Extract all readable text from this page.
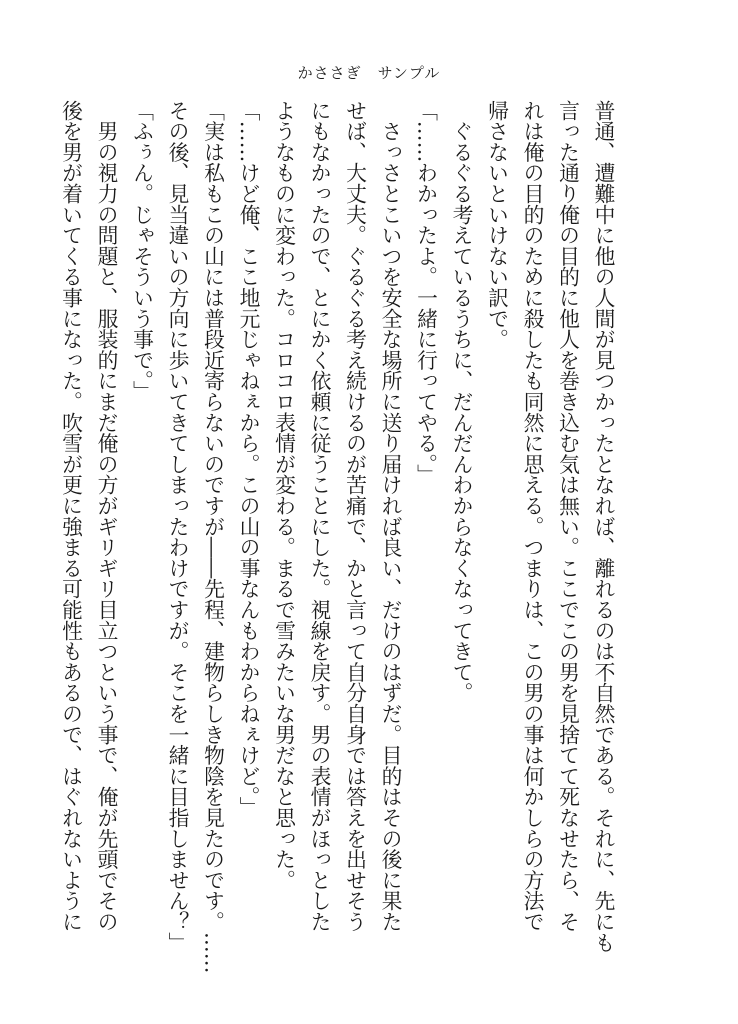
かささぎ　サンプル

普通、遭難中に他の人間が見つかったとなれば、離れるのは不自然である。それに、先にも

言った通り俺の目的に他人を巻き込む気は無い。ここでこの男を見捨てて死なせたら、そ

れは俺の目的のために殺したも同然に思える。つまりは、この男の事は何かしらの方法で

帰さないといけない訳で。

　ぐるぐる考えているうちに、だんだんわからなくなってきて。

「……わかったよ。一緒に行ってやる。」

　さっさとこいつを安全な場所に送り届ければ良い、だけのはずだ。目的はその後に果た

せば、大丈夫。ぐるぐる考え続けるのが苦痛で、かと言って自分自身では答えを出せそう

にもなかったので、とにかく依頼に従うことにした。視線を戻す。男の表情がほっとした

ようなものに変わった。コロコロ表情が変わる。まるで雪みたいな男だなと思った。

「……けど俺、ここ地元じゃねぇから。この山の事なんもわからねぇけど。」

「実は私もこの山には普段近寄らないのですが――先程、建物らしき物陰を見たのです。……

その後、見当違いの方向に歩いてきてしまったわけですが。そこを一緒に目指しません？」

「ふぅん。じゃそういう事で。」

　男の視力の問題と、服装的にまだ俺の方がギリギリ目立つという事で、俺が先頭でその

後を男が着いてくる事になった。吹雪が更に強まる可能性もあるので、はぐれないように
